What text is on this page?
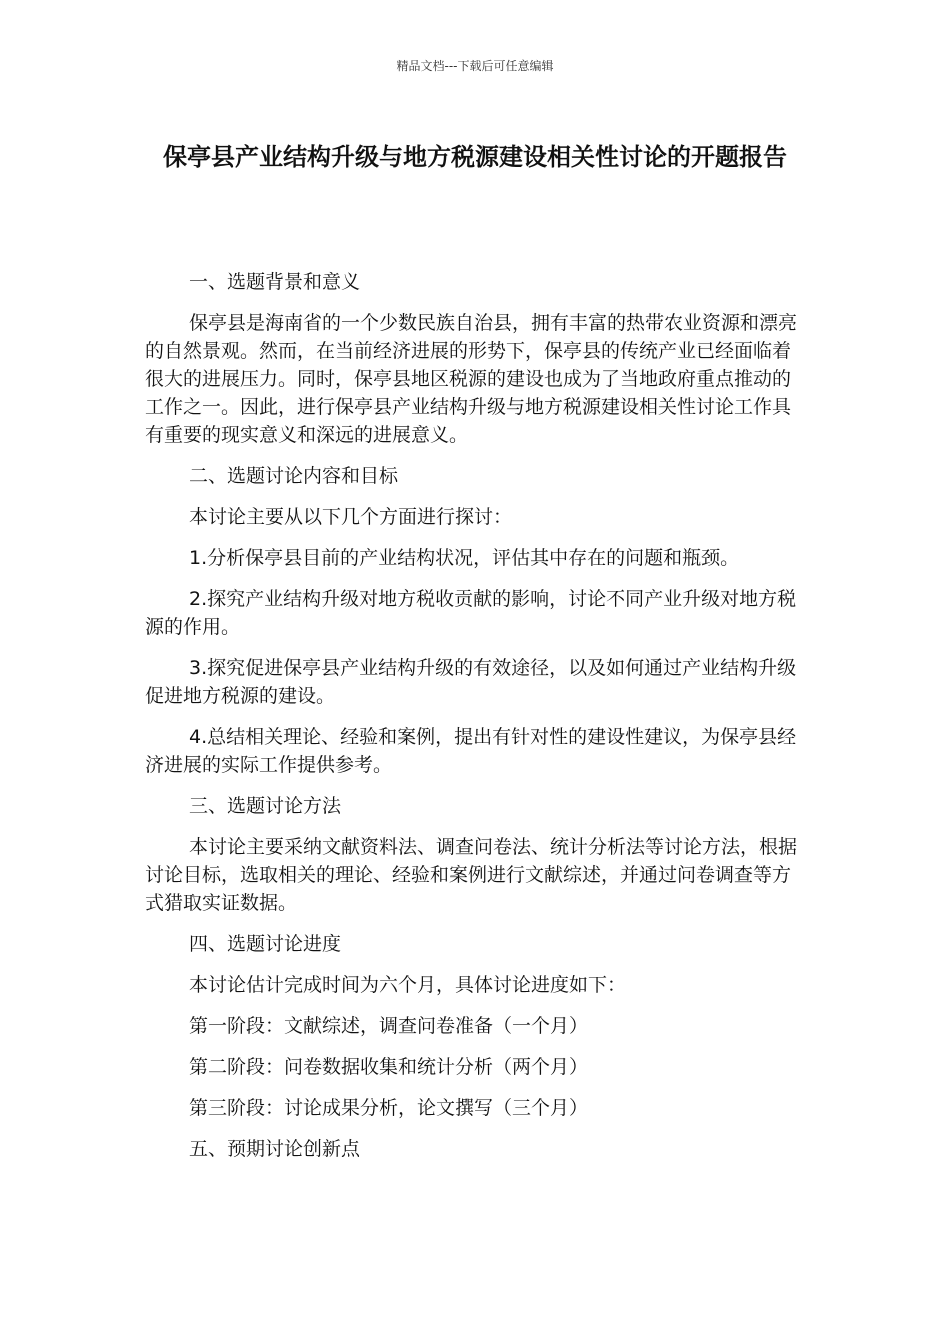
精品文档---下载后可任意编辑
保亭县产业结构升级与地方税源建设相关性讨论的开题报告

一、选题背景和意义

保亭县是海南省的一个少数民族自治县，拥有丰富的热带农业资源和漂亮的自然景观。然而，在当前经济进展的形势下，保亭县的传统产业已经面临着很大的进展压力。同时，保亭县地区税源的建设也成为了当地政府重点推动的工作之一。因此，进行保亭县产业结构升级与地方税源建设相关性讨论工作具有重要的现实意义和深远的进展意义。

二、选题讨论内容和目标

本讨论主要从以下几个方面进行探讨：

1.分析保亭县目前的产业结构状况，评估其中存在的问题和瓶颈。

2.探究产业结构升级对地方税收贡献的影响，讨论不同产业升级对地方税源的作用。

3.探究促进保亭县产业结构升级的有效途径，以及如何通过产业结构升级促进地方税源的建设。

4.总结相关理论、经验和案例，提出有针对性的建设性建议，为保亭县经济进展的实际工作提供参考。

三、选题讨论方法

本讨论主要采纳文献资料法、调查问卷法、统计分析法等讨论方法，根据讨论目标，选取相关的理论、经验和案例进行文献综述，并通过问卷调查等方式猎取实证数据。

四、选题讨论进度

本讨论估计完成时间为六个月，具体讨论进度如下：

第一阶段：文献综述，调查问卷准备（一个月）

第二阶段：问卷数据收集和统计分析（两个月）

第三阶段：讨论成果分析，论文撰写（三个月）

五、预期讨论创新点
